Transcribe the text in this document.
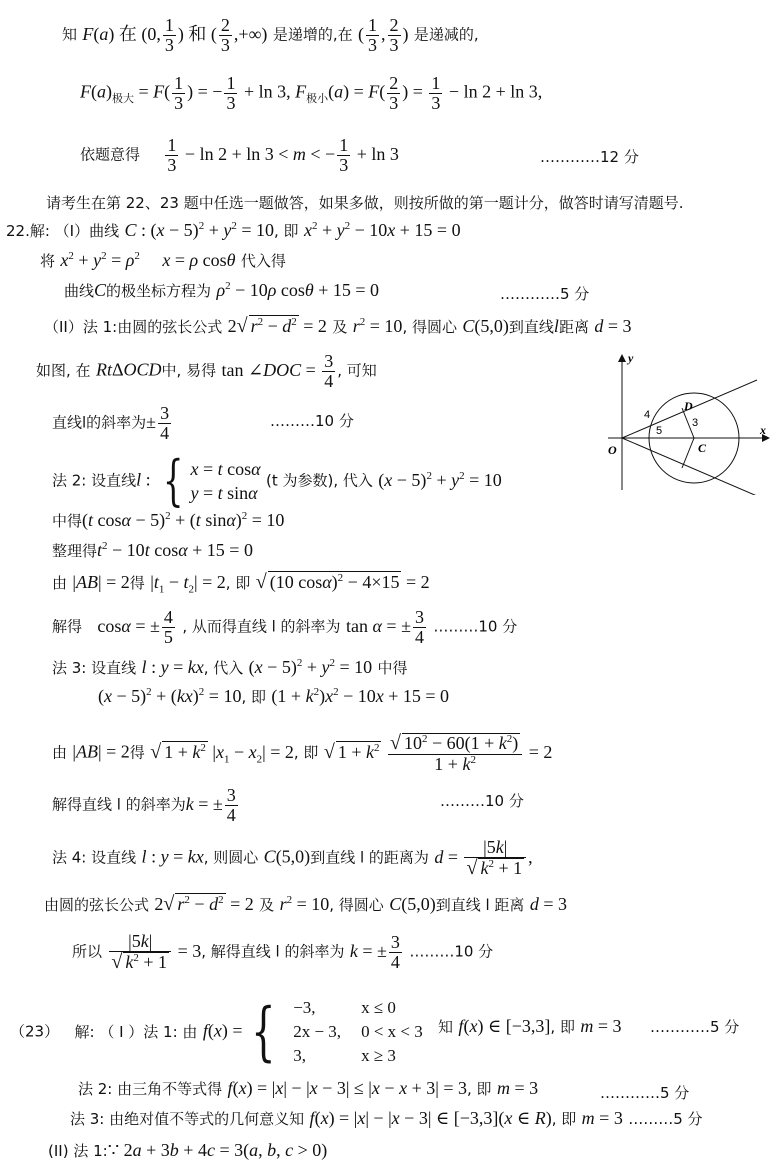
知 F(a) 在 (0, $\frac{1}{3}$ ) 和 ( $\frac{2}{3}$ ,+∞) 是递增的,在 ( $\frac{1}{3}$ , $\frac{2}{3}$ ) 是递减的,
$F(a)_{极大} = F( \frac{1}{3}$ ) = − $\frac{1}{3} + \ln 3$, $F_{极小}(a) = F( \frac{2}{3}$ ) = $\frac{1}{3} - \ln 2 + \ln 3$,
依题意得 $\frac{1}{3} - \ln 2 + \ln 3 < m$ < − $\frac{1}{3} + \ln 3$	…………12 分
请考生在第 22、23 题中任选一题做答，如果多做，则按所做的第一题计分，做答时请写清题号.
22.解: （I）曲线 C : $(x - 5)^2 + y^2 = 10$, 即 $x^2 + y^2 - 10x + 15 = 0$
将 $x^2 + y^2 = \rho^2$ x = ρ cosθ 代入得
曲线C的极坐标方程为 $\rho^2 - 10\rho$ cosθ + 15 = 0	…………5 分
（II）法 1:由圆的弦长公式 2√ $r^2 - d^2 = 2$ 及 $r^2 = 10$, 得圆心 C(5,0)到直线l距离 d = 3
如图, 在 RtΔOCD中, 易得 tan ∠DOC = $\frac{3}{4}$ , 可知
直线l的斜率为± $\frac{3}{4}$	………10 分
法 2: 设直线l : { x = t cosα
y = t sinα
(t 为参数), 代入 $(x - 5)^2 + y^2 = 10$
中得(t cosα − 5)$^2$ + (t sinα)$^2$ = 10
整理得$t^2 - 10t$ cosα + 15 = 0
由 |AB| = 2得 $|t_1 - t_2| = 2$, 即 √ (10 cosα)$^2$ − 4×15 = 2
解得 cosα = ± $\frac{4}{5}$ , 从而得直线 l 的斜率为 tan α = ± $\frac{3}{4}$ ………10 分
法 3: 设直线 l : y = kx, 代入 $(x - 5)^2 + y^2 = 10$ 中得
$(x - 5)^2 + (kx)^2 = 10$, 即 $(1 + k^2)x^2 - 10x + 15 = 0$
由 |AB| = 2得 √ $1 + k^2$ $|x_1 - x_2| = 2$, 即 √ $1 + k^2 \frac{√ 10^2 - 60(1 + k^2)}{1 + k^2} = 2$
解得直线 l 的斜率为k = ± $\frac{3}{4}$	………10 分
法 4: 设直线 l : y = kx, 则圆心 C(5,0)到直线 l 的距离为 $d = \frac{|5k|}{√ k^2 + 1}$ ,
由圆的弦长公式 2√ $r^2 - d^2 = 2$ 及 $r^2 = 10$, 得圆心 C(5,0)到直线 l 距离 d = 3
所以 $\frac{|5k|}{√ k^2 + 1} = 3$, 解得直线 l 的斜率为 k = ± $\frac{3}{4}$ ………10 分
（23） 解: （ I ）法 1: 由 f(x) = { −3,	x ≤ 0
2x − 3,	0 < x < 3
3,	x ≥ 3
知 f(x) ∈ [−3,3], 即 m = 3 …………5 分
法 2: 由三角不等式得 f(x) = |x| − |x − 3| ≤ |x − x + 3| = 3, 即 m = 3	…………5 分
法 3: 由绝对值不等式的几何意义知 f(x) = |x| − |x − 3| ∈ [−3,3](x ∈ R), 即 m = 3 ………5 分
(II) 法 1:∵ 2a + 3b + 4c = 3(a, b, c > 0)
y
x
O
D
C
4
5
3
